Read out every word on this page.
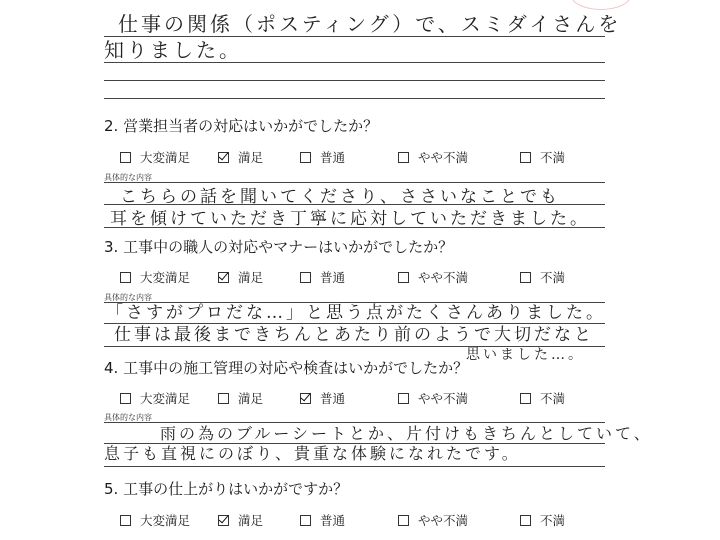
仕事の関係（ポスティング）で、スミダイさんを
知りました。
2. 営業担当者の対応はいかがでしたか？
大変満足	満足	普通	やや不満	不満
具体的な内容
こちらの話を聞いてくださり、ささいなことでも
耳を傾けていただき丁寧に応対していただきました。
3. 工事中の職人の対応やマナーはいかがでしたか？
大変満足	満足	普通	やや不満	不満
具体的な内容
「さすがプロだな…」と思う点がたくさんありました。
仕事は最後まできちんとあたり前のようで大切だなと
思いました…。
4. 工事中の施工管理の対応や検査はいかがでしたか？
大変満足	満足	普通	やや不満	不満
具体的な内容
雨の為のブルーシートとか、片付けもきちんとしていて、
息子も直視にのぼり、貴重な体験になれたです。
5. 工事の仕上がりはいかがですか？
大変満足	満足	普通	やや不満	不満
